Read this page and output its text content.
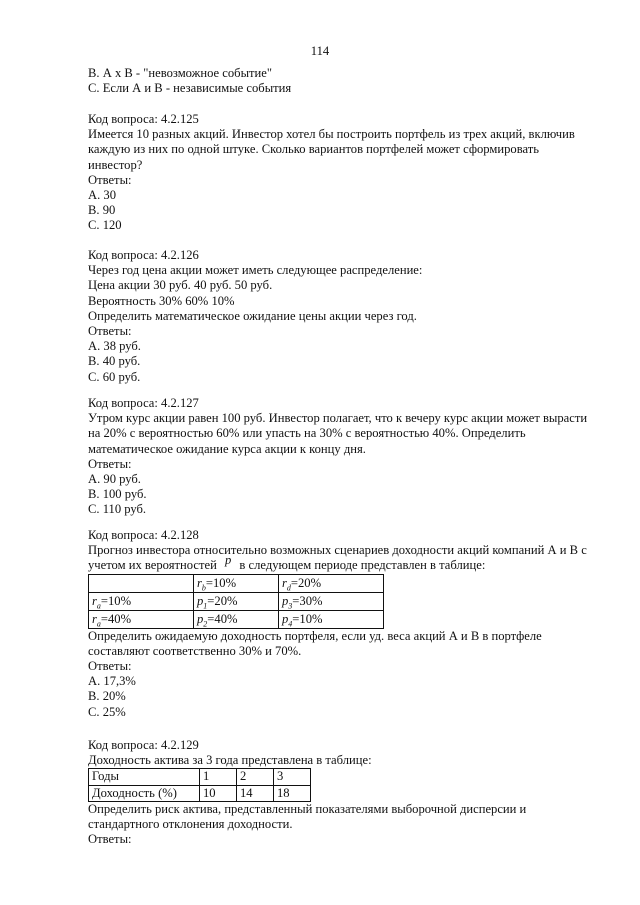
114
В. А х В - "невозможное событие"
С. Если А и В - независимые события
Код вопроса: 4.2.125
Имеется 10 разных акций. Инвестор хотел бы построить портфель из трех акций, включив
каждую из них по одной штуке. Сколько вариантов портфелей может сформировать
инвестор?
Ответы:
А. 30
В. 90
С. 120
Код вопроса: 4.2.126
Через год цена акции может иметь следующее распределение:
Цена акции 30 руб. 40 руб. 50 руб.
Вероятность 30% 60% 10%
Определить математическое ожидание цены акции через год.
Ответы:
А. 38 руб.
В. 40 руб.
С. 60 руб.
Код вопроса: 4.2.127
Утром курс акции равен 100 руб. Инвестор полагает, что к вечеру курс акции может вырасти
на 20% с вероятностью 60% или упасть на 30% с вероятностью 40%. Определить
математическое ожидание курса акции к концу дня.
Ответы:
А. 90 руб.
В. 100 руб.
С. 110 руб.
Код вопроса: 4.2.128
Прогноз инвестора относительно возможных сценариев доходности акций компаний А и В с
учетом их вероятностей p в следующем периоде представлен в таблице:
	$r_b=10\%$	$r_d=20\%$
$r_a=10\%$	$p_1=20\%$	$p_3=30\%$
$r_a=40\%$	$p_2=40\%$	$p_4=10\%$
Определить ожидаемую доходность портфеля, если уд. веса акций А и В в портфеле
составляют соответственно 30% и 70%.
Ответы:
А. 17,3%
В. 20%
С. 25%
Код вопроса: 4.2.129
Доходность актива за 3 года представлена в таблице:
Годы	1	2	3
Доходность (%)	10	14	18
Определить риск актива, представленный показателями выборочной дисперсии и
стандартного отклонения доходности.
Ответы:
